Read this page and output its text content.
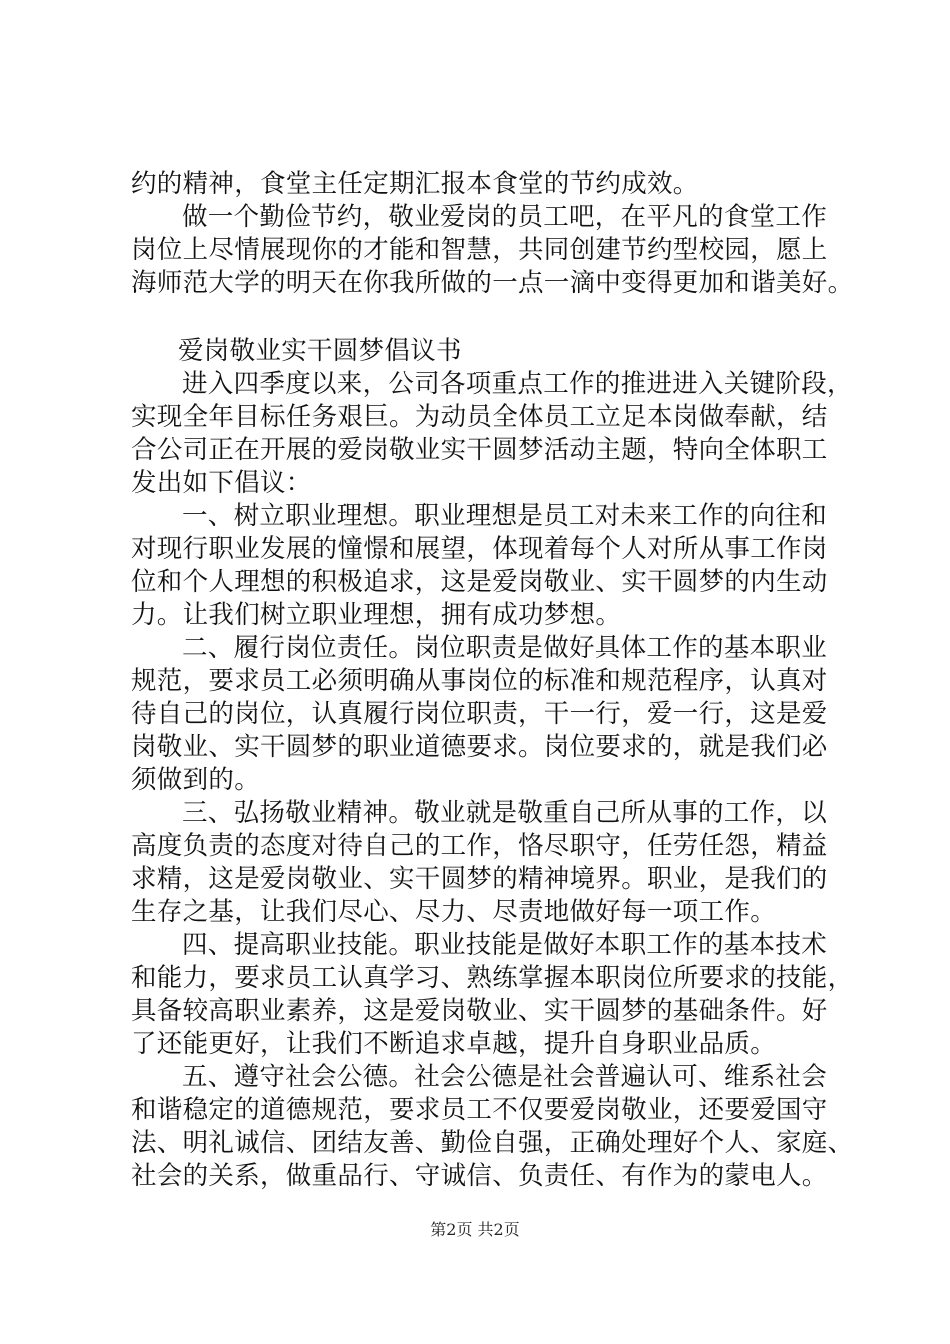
约的精神，食堂主任定期汇报本食堂的节约成效。
做一个勤俭节约，敬业爱岗的员工吧，在平凡的食堂工作
岗位上尽情展现你的才能和智慧，共同创建节约型校园，愿上
海师范大学的明天在你我所做的一点一滴中变得更加和谐美好。
爱岗敬业实干圆梦倡议书
进入四季度以来，公司各项重点工作的推进进入关键阶段，
实现全年目标任务艰巨。为动员全体员工立足本岗做奉献，结
合公司正在开展的爱岗敬业实干圆梦活动主题，特向全体职工
发出如下倡议：
一、树立职业理想。职业理想是员工对未来工作的向往和
对现行职业发展的憧憬和展望，体现着每个人对所从事工作岗
位和个人理想的积极追求，这是爱岗敬业、实干圆梦的内生动
力。让我们树立职业理想，拥有成功梦想。
二、履行岗位责任。岗位职责是做好具体工作的基本职业
规范，要求员工必须明确从事岗位的标准和规范程序，认真对
待自己的岗位，认真履行岗位职责，干一行，爱一行，这是爱
岗敬业、实干圆梦的职业道德要求。岗位要求的，就是我们必
须做到的。
三、弘扬敬业精神。敬业就是敬重自己所从事的工作，以
高度负责的态度对待自己的工作，恪尽职守，任劳任怨，精益
求精，这是爱岗敬业、实干圆梦的精神境界。职业，是我们的
生存之基，让我们尽心、尽力、尽责地做好每一项工作。
四、提高职业技能。职业技能是做好本职工作的基本技术
和能力，要求员工认真学习、熟练掌握本职岗位所要求的技能，
具备较高职业素养，这是爱岗敬业、实干圆梦的基础条件。好
了还能更好，让我们不断追求卓越，提升自身职业品质。
五、遵守社会公德。社会公德是社会普遍认可、维系社会
和谐稳定的道德规范，要求员工不仅要爱岗敬业，还要爱国守
法、明礼诚信、团结友善、勤俭自强，正确处理好个人、家庭、
社会的关系，做重品行、守诚信、负责任、有作为的蒙电人。
第2页 共2页
